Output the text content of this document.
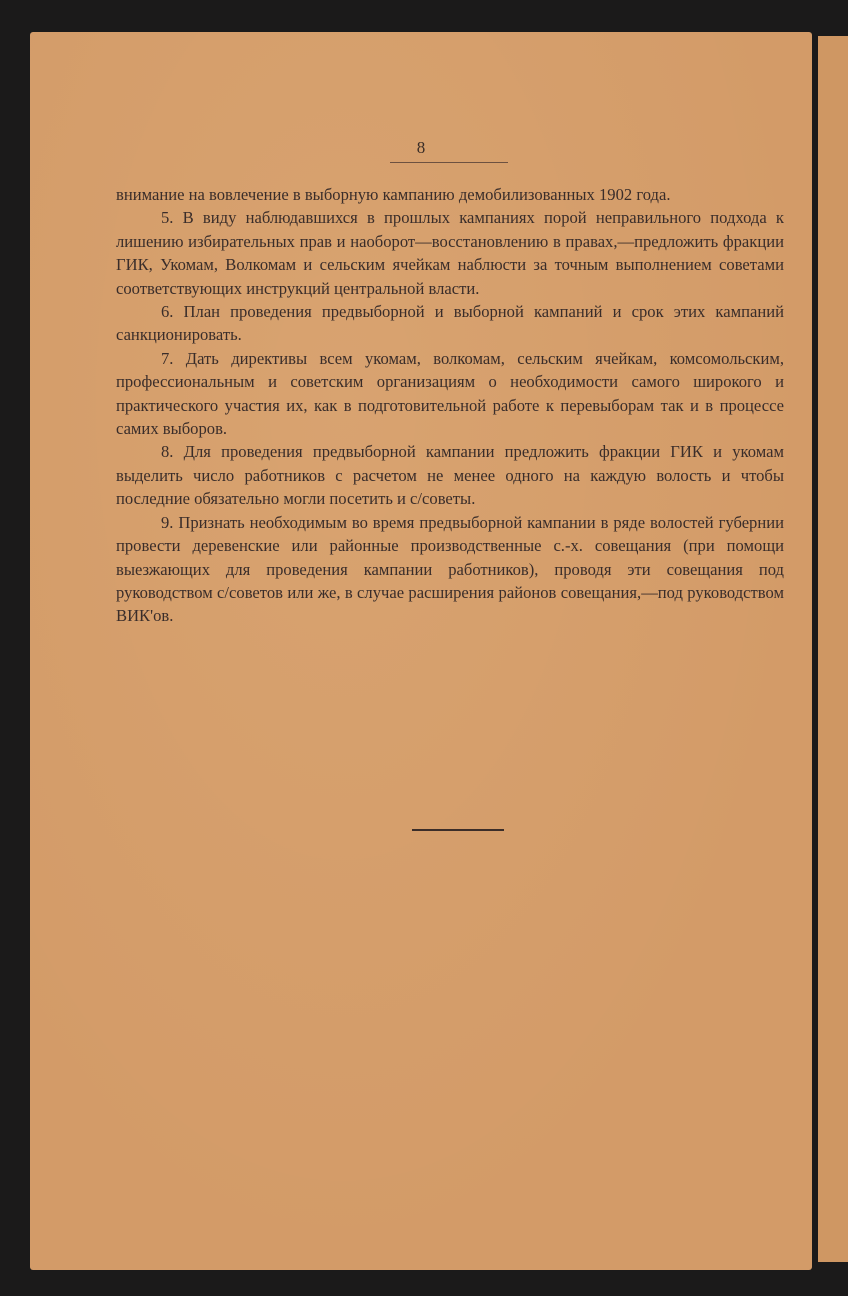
8

внимание на вовлечение в выборную кампанию демобилизованных 1902 года.

5. В виду наблюдавшихся в прошлых кампаниях порой неправильного подхода к лишению избирательных прав и наоборот—восстановлению в правах,—предложить фракции ГИК, Укомам, Волкомам и сельским ячейкам наблюсти за точным выполнением советами соответствующих инструкций центральной власти.

6. План проведения предвыборной и выборной кампаний и срок этих кампаний санкционировать.

7. Дать директивы всем укомам, волкомам, сельским ячейкам, комсомольским, профессиональным и советским организациям о необходимости самого широкого и практического участия их, как в подготовительной работе к перевыборам так и в процессе самих выборов.

8. Для проведения предвыборной кампании предложить фракции ГИК и укомам выделить число работников с расчетом не менее одного на каждую волость и чтобы последние обязательно могли посетить и с/советы.

9. Признать необходимым во время предвыборной кампании в ряде волостей губернии провести деревенские или районные производственные с.-х. совещания (при помощи выезжающих для проведения кампании работников), проводя эти совещания под руководством с/советов или же, в случае расширения районов совещания,—под руководством ВИК'ов.
